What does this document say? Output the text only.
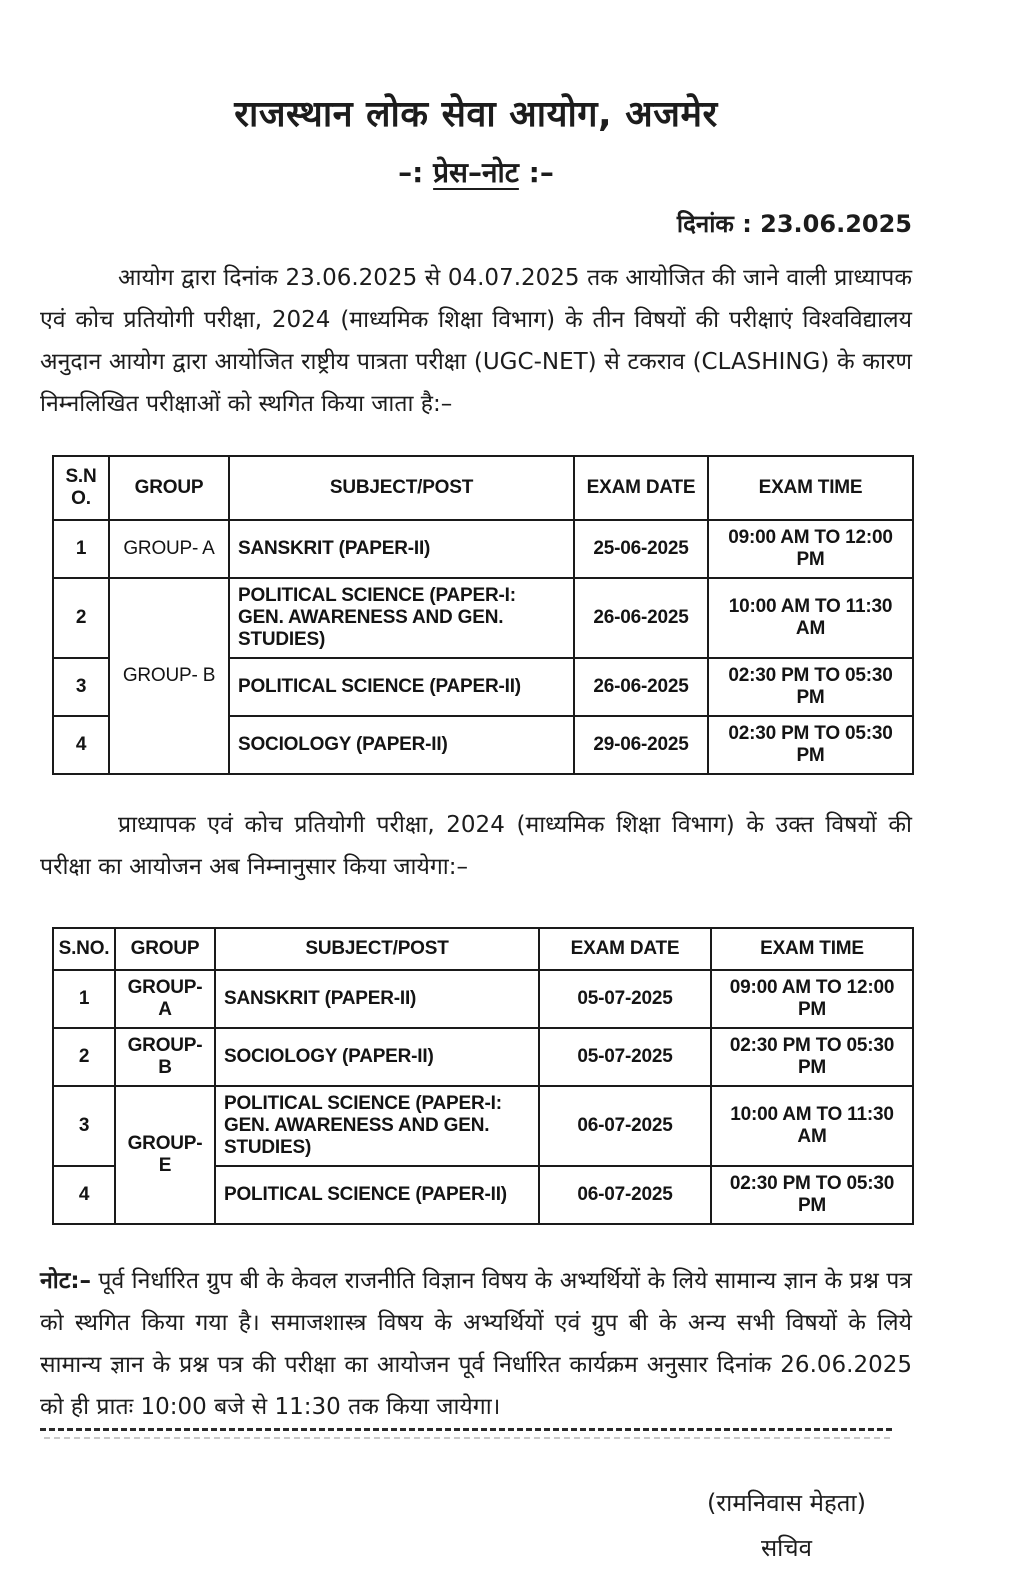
राजस्थान लोक सेवा आयोग, अजमेर
–: प्रेस–नोट :–
दिनांक : 23.06.2025

आयोग द्वारा दिनांक 23.06.2025 से 04.07.2025 तक आयोजित की जाने वाली प्राध्यापक एवं कोच प्रतियोगी परीक्षा, 2024 (माध्यमिक शिक्षा विभाग) के तीन विषयों की परीक्षाएं विश्वविद्यालय अनुदान आयोग द्वारा आयोजित राष्ट्रीय पात्रता परीक्षा (UGC-NET) से टकराव (CLASHING) के कारण निम्नलिखित परीक्षाओं को स्थगित किया जाता है:–

S.N O.	GROUP	SUBJECT/POST	EXAM DATE	EXAM TIME
1	GROUP- A	SANSKRIT (PAPER-II)	25-06-2025	09:00 AM TO 12:00 PM
2	GROUP- B	POLITICAL SCIENCE (PAPER-I:  GEN. AWARENESS AND GEN. STUDIES)	26-06-2025	10:00 AM TO 11:30 AM
3		POLITICAL SCIENCE (PAPER-II)	26-06-2025	02:30 PM TO 05:30 PM
4		SOCIOLOGY (PAPER-II)	29-06-2025	02:30 PM TO 05:30 PM

प्राध्यापक एवं कोच प्रतियोगी परीक्षा, 2024 (माध्यमिक शिक्षा विभाग) के उक्त विषयों की परीक्षा का आयोजन अब निम्नानुसार किया जायेगा:–

S.NO.	GROUP	SUBJECT/POST	EXAM DATE	EXAM TIME
1	GROUP-A	SANSKRIT (PAPER-II)	05-07-2025	09:00 AM TO 12:00 PM
2	GROUP-B	SOCIOLOGY (PAPER-II)	05-07-2025	02:30 PM TO 05:30 PM
3	GROUP-E	POLITICAL SCIENCE (PAPER-I:  GEN. AWARENESS AND GEN. STUDIES)	06-07-2025	10:00 AM TO 11:30 AM
4		POLITICAL SCIENCE (PAPER-II)	06-07-2025	02:30 PM TO 05:30 PM

नोट:– पूर्व निर्धारित ग्रुप बी के केवल राजनीति विज्ञान विषय के अभ्यर्थियों के लिये सामान्य ज्ञान के प्रश्न पत्र को स्थगित किया गया है। समाजशास्त्र विषय के अभ्यर्थियों एवं ग्रुप बी के अन्य सभी विषयों के लिये सामान्य ज्ञान के प्रश्न पत्र की परीक्षा का आयोजन पूर्व निर्धारित कार्यक्रम अनुसार दिनांक 26.06.2025 को ही प्रातः 10:00 बजे से 11:30 तक किया जायेगा।

(रामनिवास मेहता)
सचिव
